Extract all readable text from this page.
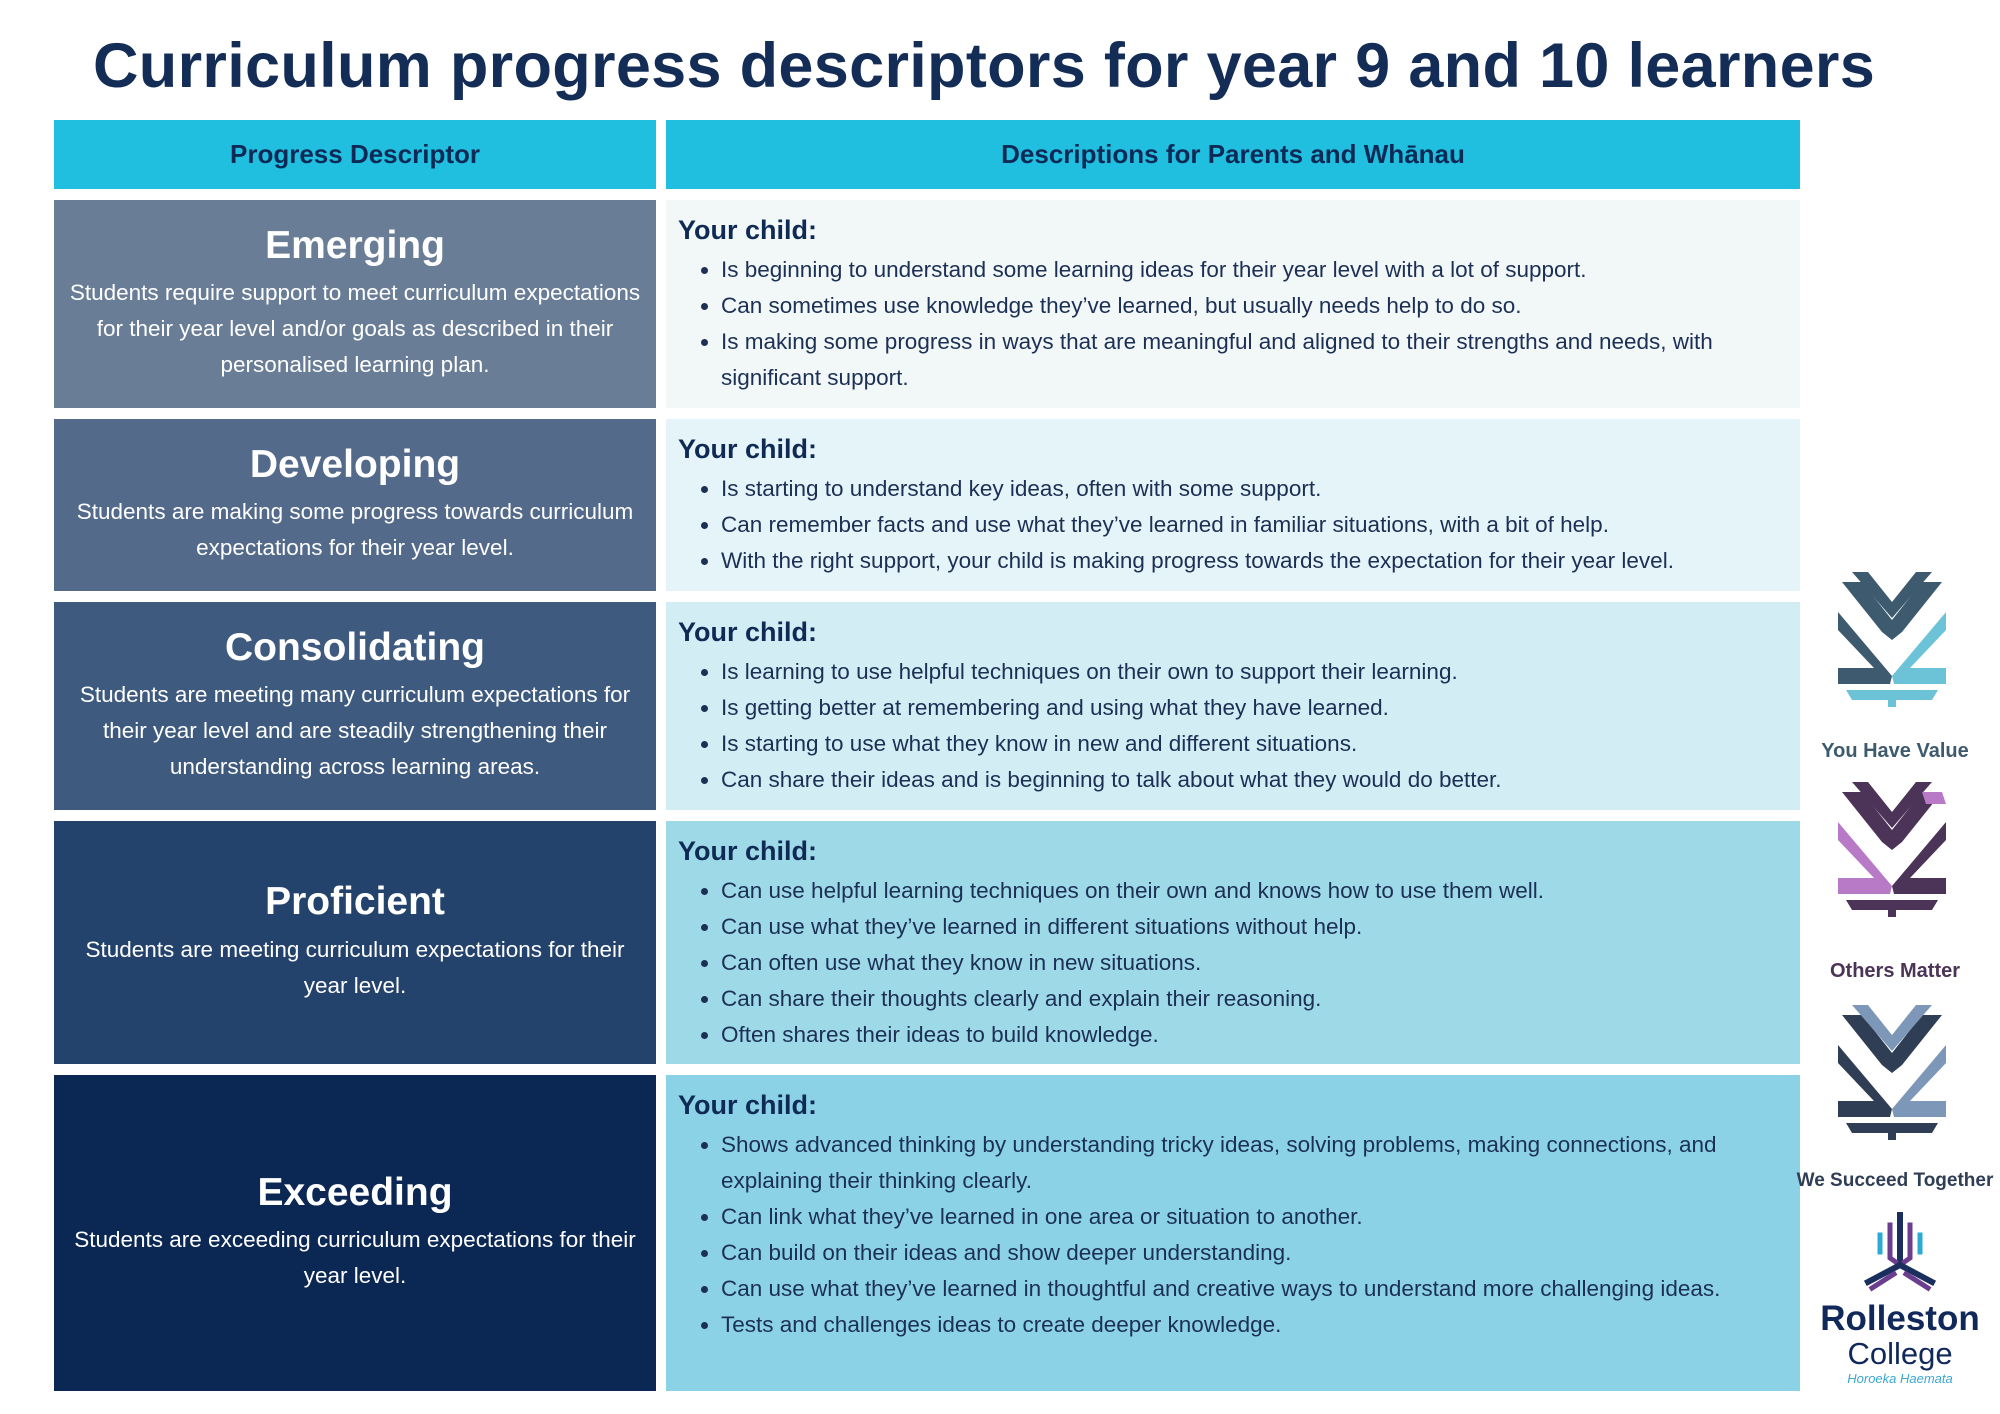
Curriculum progress descriptors for year 9 and 10 learners
Progress Descriptor	Descriptions for Parents and Whānau
Emerging
Students require support to meet curriculum expectations for their year level and/or goals as described in their personalised learning plan.
Your child:
• Is beginning to understand some learning ideas for their year level with a lot of support.
• Can sometimes use knowledge they’ve learned, but usually needs help to do so.
• Is making some progress in ways that are meaningful and aligned to their strengths and needs, with significant support.
Developing
Students are making some progress towards curriculum expectations for their year level.
Your child:
• Is starting to understand key ideas, often with some support.
• Can remember facts and use what they’ve learned in familiar situations, with a bit of help.
• With the right support, your child is making progress towards the expectation for their year level.
Consolidating
Students are meeting many curriculum expectations for their year level and are steadily strengthening their understanding across learning areas.
Your child:
• Is learning to use helpful techniques on their own to support their learning.
• Is getting better at remembering and using what they have learned.
• Is starting to use what they know in new and different situations.
• Can share their ideas and is beginning to talk about what they would do better.
Proficient
Students are meeting curriculum expectations for their year level.
Your child:
• Can use helpful learning techniques on their own and knows how to use them well.
• Can use what they’ve learned in different situations without help.
• Can often use what they know in new situations.
• Can share their thoughts clearly and explain their reasoning.
• Often shares their ideas to build knowledge.
Exceeding
Students are exceeding curriculum expectations for their year level.
Your child:
• Shows advanced thinking by understanding tricky ideas, solving problems, making connections, and explaining their thinking clearly.
• Can link what they’ve learned in one area or situation to another.
• Can build on their ideas and show deeper understanding.
• Can use what they’ve learned in thoughtful and creative ways to understand more challenging ideas.
• Tests and challenges ideas to create deeper knowledge.
You Have Value
Others Matter
We Succeed Together
Rolleston
College
Horoeka Haemata
